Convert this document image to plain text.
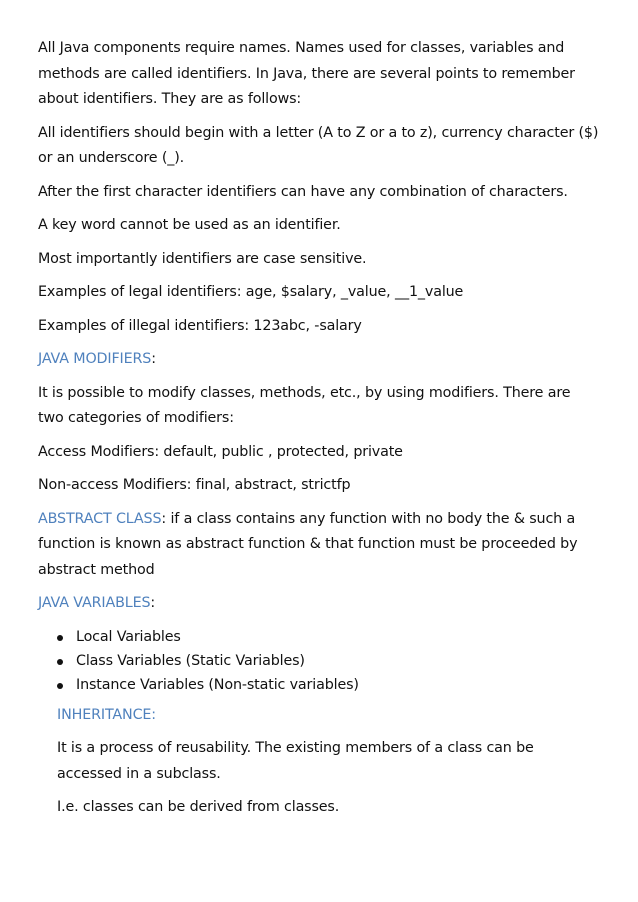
All Java components require names. Names used for classes, variables and methods are called identifiers. In Java, there are several points to remember about identifiers. They are as follows:

All identifiers should begin with a letter (A to Z or a to z), currency character ($) or an underscore (_).

After the first character identifiers can have any combination of characters.

A key word cannot be used as an identifier.

Most importantly identifiers are case sensitive.

Examples of legal identifiers: age, $salary, _value, __1_value

Examples of illegal identifiers: 123abc, -salary

JAVA MODIFIERS:

It is possible to modify classes, methods, etc., by using modifiers. There are two categories of modifiers:

Access Modifiers: default, public , protected, private

Non-access Modifiers: final, abstract, strictfp

ABSTRACT CLASS: if a class contains any function with no body the & such a function is known as abstract function & that function must be proceeded by abstract method

JAVA VARIABLES:

Local Variables
Class Variables (Static Variables)
Instance Variables (Non-static variables)

INHERITANCE:

It is a process of reusability. The existing members of a class can be accessed in a subclass.

I.e. classes can be derived from classes.
